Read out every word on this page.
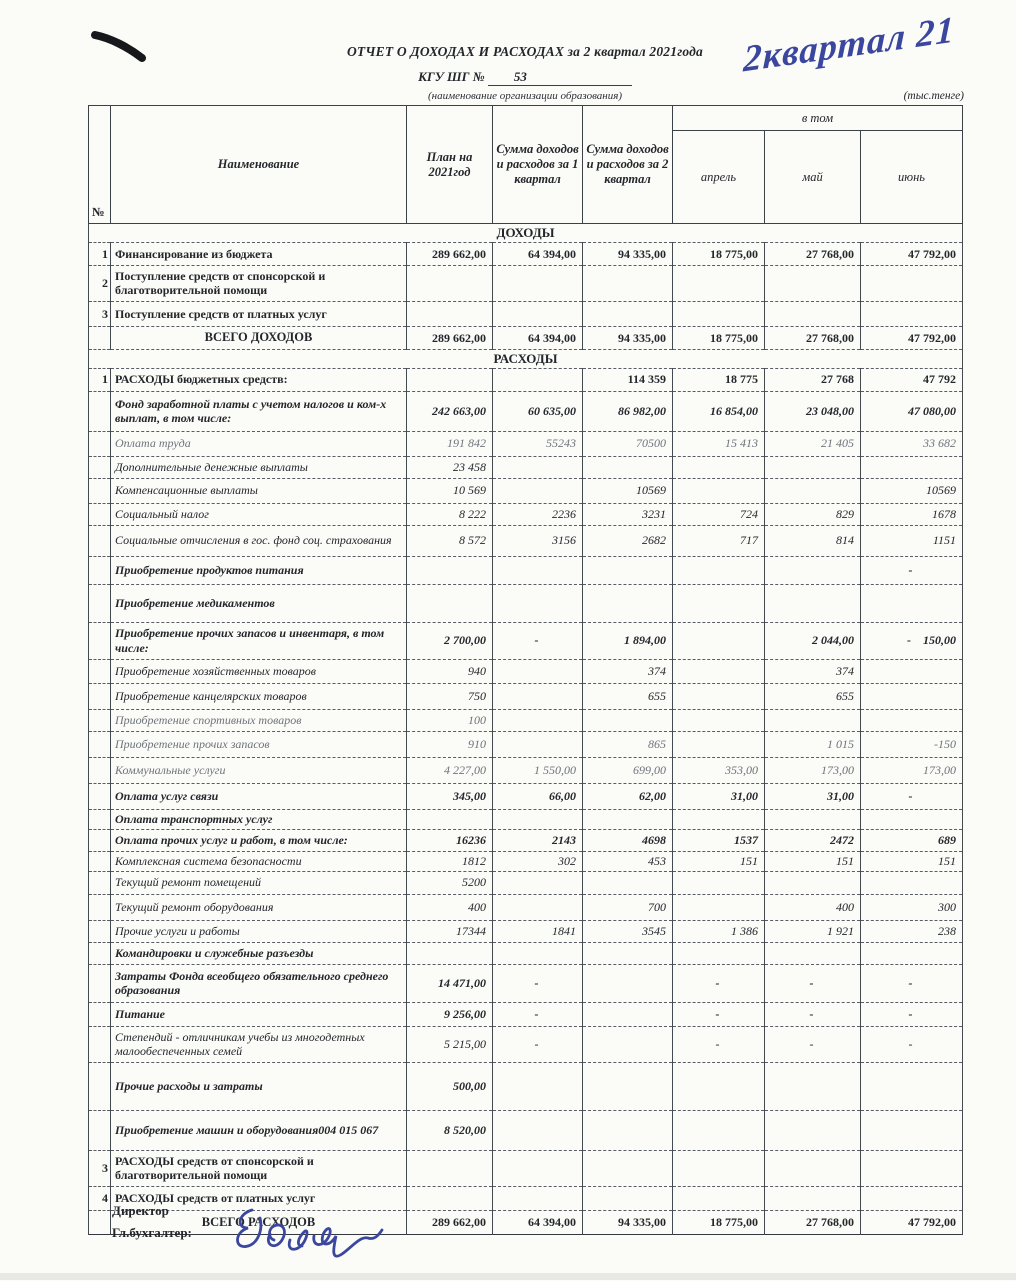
ОТЧЕТ О ДОХОДАХ И РАСХОДАХ за 2 квартал 2021года
КГУ ШГ № 53
(наименование организации образования)	(тыс.тенге)
2квартал 21
№	Наименование	План на 2021год	Сумма доходов и расходов за 1 квартал	Сумма доходов и расходов за 2 квартал	в том		
					апрель	май	июнь
ДОХОДЫ							
1	Финансирование из бюджета	289 662,00	64 394,00	94 335,00	18 775,00	27 768,00	47 792,00
2	Поступление средств от спонсорской и благотворительной помощи						
3	Поступление средств от платных услуг						
	ВСЕГО ДОХОДОВ	289 662,00	64 394,00	94 335,00	18 775,00	27 768,00	47 792,00
РАСХОДЫ							
1	РАСХОДЫ бюджетных средств:			114 359	18 775	27 768	47 792
	Фонд заработной платы с учетом налогов и ком-х выплат, в том числе:	242 663,00	60 635,00	86 982,00	16 854,00	23 048,00	47 080,00
	Оплата труда	191 842	55243	70500	15 413	21 405	33 682
	Дополнительные денежные выплаты	23 458					
	Компенсационные выплаты	10 569		10569			10569
	Социальный налог	8 222	2236	3231	724	829	1678
	Социальные отчисления в гос. фонд соц. страхования	8 572	3156	2682	717	814	1151
	Приобретение продуктов питания						-
	Приобретение медикаментов						
	Приобретение прочих запасов и инвентаря, в том числе:	2 700,00	-	1 894,00		2 044,00	-    150,00
	Приобретение хозяйственных товаров	940		374		374	
	Приобретение канцелярских товаров	750		655		655	
	Приобретение спортивных товаров	100					
	Приобретение прочих запасов	910		865		1 015	-150
	Коммунальные услуги	4 227,00	1 550,00	699,00	353,00	173,00	173,00
	Оплата услуг связи	345,00	66,00	62,00	31,00	31,00	-
	Оплата транспортных услуг						
	Оплата прочих услуг и работ, в том числе:	16236	2143	4698	1537	2472	689
	Комплексная система безопасности	1812	302	453	151	151	151
	Текущий ремонт помещений	5200					
	Текущий ремонт оборудования	400		700		400	300
	Прочие услуги и работы	17344	1841	3545	1 386	1 921	238
	Командировки и служебные разъезды						
	Затраты Фонда всеобщего обязательного среднего образования	14 471,00	-		-	-	-
	Питание	9 256,00	-		-	-	-
	Степендий - отличникам учебы из многодетных малообеспеченных семей	5 215,00	-		-	-	-
	Прочие расходы и затраты	500,00					
	Приобретение машин и оборудования004 015 067	8 520,00					
3	РАСХОДЫ средств от спонсорской и благотворительной помощи						
4	РАСХОДЫ средств от платных услуг						
	ВСЕГО РАСХОДОВ	289 662,00	64 394,00	94 335,00	18 775,00	27 768,00	47 792,00
Директор
Гл.бухгалтер:
